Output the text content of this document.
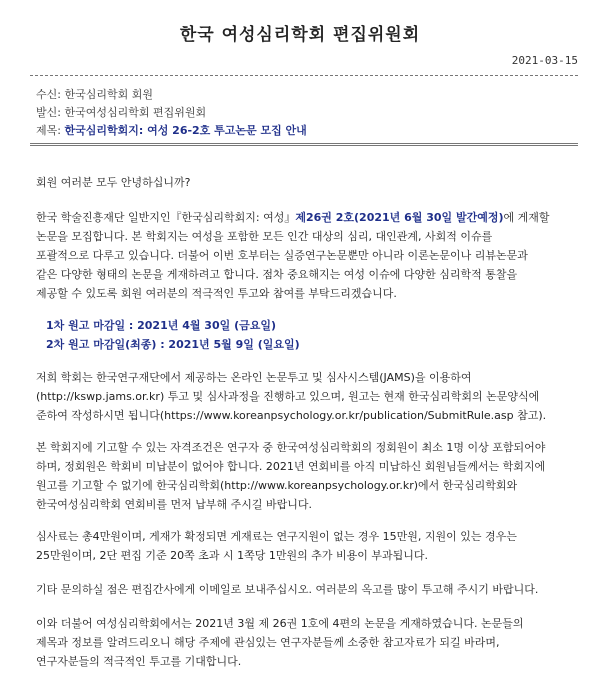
한국 여성심리학회 편집위원회
2021-03-15
수신: 한국심리학회 회원
발신: 한국여성심리학회 편집위원회
제목: 한국심리학회지: 여성 26-2호 투고논문 모집 안내

회원 여러분 모두 안녕하십니까?

한국 학술진흥재단 일반지인『한국심리학회지: 여성』제26권 2호(2021년 6월 30일 발간예정)에 게재할

논문을 모집합니다. 본 학회지는 여성을 포함한 모든 인간 대상의 심리, 대인관계, 사회적 이슈를

포괄적으로 다루고 있습니다. 더불어 이번 호부터는 실증연구논문뿐만 아니라 이론논문이나 리뷰논문과

같은 다양한 형태의 논문을 게재하려고 합니다. 점차 중요해지는 여성 이슈에 다양한 심리학적 통찰을

제공할 수 있도록 회원 여러분의 적극적인 투고와 참여를 부탁드리겠습니다.

1차 원고 마감일 : 2021년 4월 30일 (금요일)

2차 원고 마감일(최종) : 2021년 5월 9일 (일요일)

저희 학회는 한국연구재단에서 제공하는 온라인 논문투고 및 심사시스템(JAMS)을 이용하여

(http://kswp.jams.or.kr) 투고 및 심사과정을 진행하고 있으며, 원고는 현재 한국심리학회의 논문양식에

준하여 작성하시면 됩니다(https://www.koreanpsychology.or.kr/publication/SubmitRule.asp 참고).

본 학회지에 기고할 수 있는 자격조건은 연구자 중 한국여성심리학회의 정회원이 최소 1명 이상 포함되어야

하며, 정회원은 학회비 미납분이 없어야 합니다. 2021년 연회비를 아직 미납하신 회원님들께서는 학회지에

원고를 기고할 수 없기에 한국심리학회(http://www.koreanpsychology.or.kr)에서 한국심리학회와

한국여성심리학회 연회비를 먼저 납부해 주시길 바랍니다.

심사료는 총4만원이며, 게재가 확정되면 게재료는 연구지원이 없는 경우 15만원, 지원이 있는 경우는

25만원이며, 2단 편집 기준 20쪽 초과 시 1쪽당 1만원의 추가 비용이 부과됩니다.

기타 문의하실 점은 편집간사에게 이메일로 보내주십시오. 여러분의 옥고를 많이 투고해 주시기 바랍니다.

이와 더불어 여성심리학회에서는 2021년 3월 제 26권 1호에 4편의 논문을 게재하였습니다. 논문들의

제목과 정보를 알려드리오니 해당 주제에 관심있는 연구자분들께 소중한 참고자료가 되길 바라며,

연구자분들의 적극적인 투고를 기대합니다.
